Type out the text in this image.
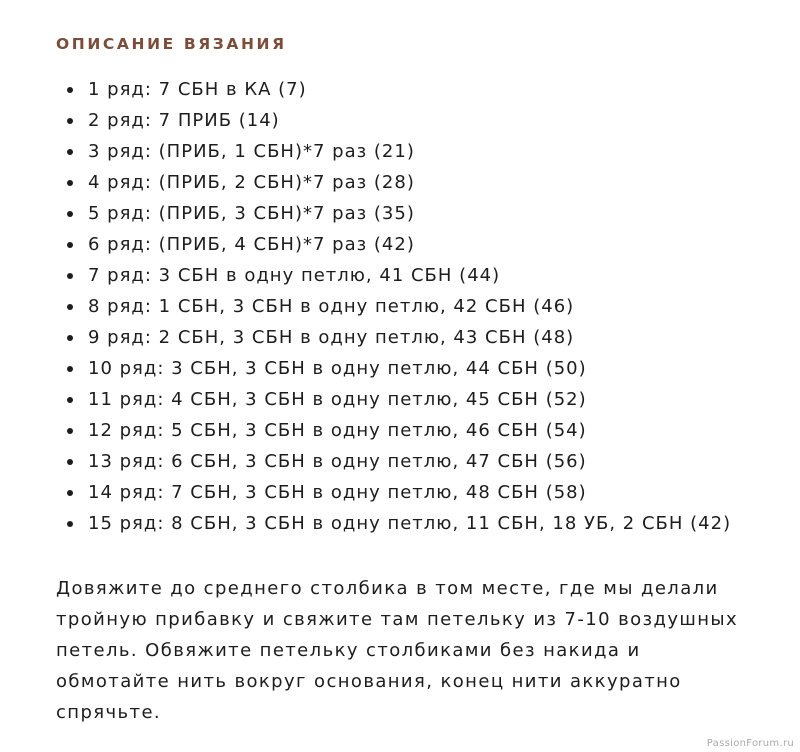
ОПИСАНИЕ ВЯЗАНИЯ
1 ряд: 7 СБН в КА (7)
2 ряд: 7 ПРИБ (14)
3 ряд: (ПРИБ, 1 СБН)*7 раз (21)
4 ряд: (ПРИБ, 2 СБН)*7 раз (28)
5 ряд: (ПРИБ, 3 СБН)*7 раз (35)
6 ряд: (ПРИБ, 4 СБН)*7 раз (42)
7 ряд: 3 СБН в одну петлю, 41 СБН (44)
8 ряд: 1 СБН, 3 СБН в одну петлю, 42 СБН (46)
9 ряд: 2 СБН, 3 СБН в одну петлю, 43 СБН (48)
10 ряд: 3 СБН, 3 СБН в одну петлю, 44 СБН (50)
11 ряд: 4 СБН, 3 СБН в одну петлю, 45 СБН (52)
12 ряд: 5 СБН, 3 СБН в одну петлю, 46 СБН (54)
13 ряд: 6 СБН, 3 СБН в одну петлю, 47 СБН (56)
14 ряд: 7 СБН, 3 СБН в одну петлю, 48 СБН (58)
15 ряд: 8 СБН, 3 СБН в одну петлю, 11 СБН, 18 УБ, 2 СБН (42)

Довяжите до среднего столбика в том месте, где мы делали тройную прибавку и свяжите там петельку из 7-10 воздушных петель. Обвяжите петельку столбиками без накида и обмотайте нить вокруг основания, конец нити аккуратно спрячьте.

PassionForum.ru
